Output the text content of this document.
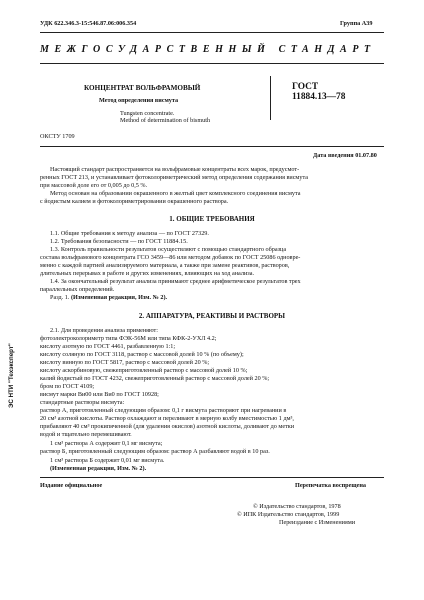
УДК 622.346.3-15:546.87.06:006.354	Группа А39
МЕЖГОСУДАРСТВЕННЫЙ СТАНДАРТ
КОНЦЕНТРАТ ВОЛЬФРАМОВЫЙ
Метод определения висмута
Tungsten concentrate.
Method of determination of bismuth
ОКСТУ 1709
ГОСТ
11884.13—78
Дата введения 01.07.80
Настоящий стандарт распространяется на вольфрамовые концентраты всех марок, предусмот-
ренных ГОСТ 213, и устанавливает фотоколориметрический метод определения содержания висмута
при массовой доле его от 0,005 до 0,5 %.
Метод основан на образовании окрашенного в желтый цвет комплексного соединения висмута
с йодистым калием и фотоколориметрировании окрашенного раствора.
1. ОБЩИЕ ТРЕБОВАНИЯ
1.1. Общие требования к методу анализа — по ГОСТ 27329.
1.2. Требования безопасности — по ГОСТ 11884.15.
1.3. Контроль правильности результатов осуществляют с помощью стандартного образца
состава вольфрамового концентрата ГСО 3459—86 или методом добавок по ГОСТ 25086 одновре-
менно с каждой партией анализируемого материала, а также при замене реактивов, растворов,
длительных перерывах в работе и других изменениях, влияющих на ход анализа.
1.4. За окончательный результат анализа принимают среднее арифметическое результатов трех
параллельных определений.
Разд. 1. (Измененная редакция, Изм. № 2).
2. АППАРАТУРА, РЕАКТИВЫ И РАСТВОРЫ
2.1. Для проведения анализа применяют:
фотоэлектроколориметр типа ФЭК-56М или типа КФК-2-УХЛ 4.2;
кислоту азотную по ГОСТ 4461, разбавленную 1:1;
кислоту соляную по ГОСТ 3118, раствор с массовой долей 10 % (по объему);
кислоту винную по ГОСТ 5817, раствор с массовой долей 20 %;
кислоту аскорбиновую, свежеприготовленный раствор с массовой долей 10 %;
калий йодистый по ГОСТ 4232, свежеприготовленный раствор с массовой долей 20 %;
бром по ГОСТ 4109;
висмут марки Ви00 или Ви0 по ГОСТ 10928;
стандартные растворы висмута:
раствор А, приготовленный следующим образом: 0,1 г висмута растворяют при нагревании в
20 см³ азотной кислоты. Раствор охлаждают и переливают в мерную колбу вместимостью 1 дм³,
прибавляют 40 см³ прокипяченной (для удаления окислов) азотной кислоты, доливают до метки
водой и тщательно перемешивают.
1 см³ раствора А содержит 0,1 мг висмута;
раствор Б, приготовленный следующим образом: раствор А разбавляют водой в 10 раз.
1 см³ раствора Б содержит 0,01 мг висмута.
(Измененная редакция, Изм. № 2).
Издание официальное	Перепечатка воспрещена
© Издательство стандартов, 1978
© ИПК Издательство стандартов, 1999
Переиздание с Изменениями
ЭС НТИ "Техэксперт"
